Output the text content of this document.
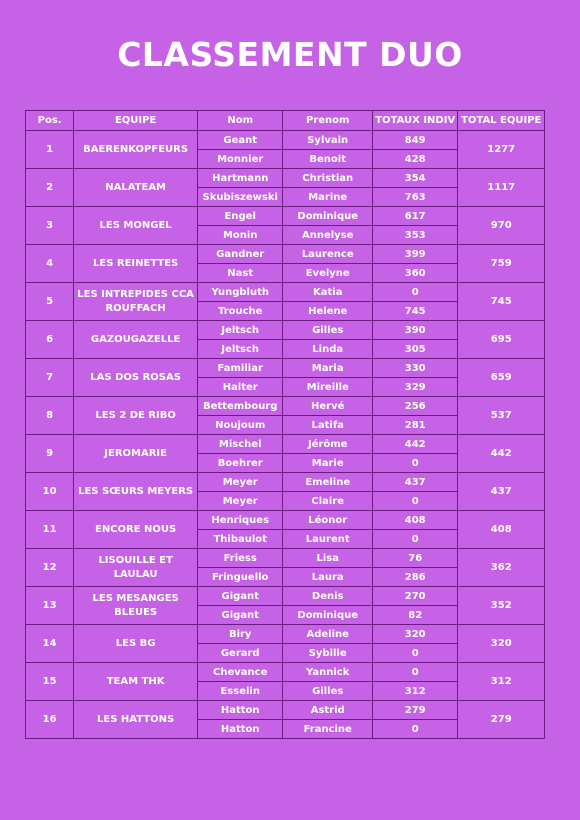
CLASSEMENT DUO
Pos.	EQUIPE	Nom	Prenom	TOTAUX INDIV	TOTAL EQUIPE
1	BAERENKOPFEURS	Geant	Sylvain	849	1277
		Monnier	Benoit	428	
2	NALATEAM	Hartmann	Christian	354	1117
		Skubiszewski	Marine	763	
3	LES MONGEL	Engel	Dominique	617	970
		Monin	Annelyse	353	
4	LES REINETTES	Gandner	Laurence	399	759
		Nast	Evelyne	360	
5	LES INTREPIDES CCA ROUFFACH	Yungbluth	Katia	0	745
		Trouche	Helene	745	
6	GAZOUGAZELLE	Jeltsch	Gilles	390	695
		Jeltsch	Linda	305	
7	LAS DOS ROSAS	Familiar	Maria	330	659
		Halter	Mireille	329	
8	LES 2 DE RIBO	Bettembourg	Hervé	256	537
		Noujoum	Latifa	281	
9	JEROMARIE	Mischel	Jérôme	442	442
		Boehrer	Marie	0	
10	LES SŒURS MEYERS	Meyer	Emeline	437	437
		Meyer	Claire	0	
11	ENCORE NOUS	Henriques	Léonor	408	408
		Thibaulot	Laurent	0	
12	LISOUILLE ET LAULAU	Friess	Lisa	76	362
		Fringuello	Laura	286	
13	LES MESANGES BLEUES	Gigant	Denis	270	352
		Gigant	Dominique	82	
14	LES BG	Biry	Adeline	320	320
		Gerard	Sybille	0	
15	TEAM THK	Chevance	Yannick	0	312
		Esselin	Gilles	312	
16	LES HATTONS	Hatton	Astrid	279	279
		Hatton	Francine	0	
